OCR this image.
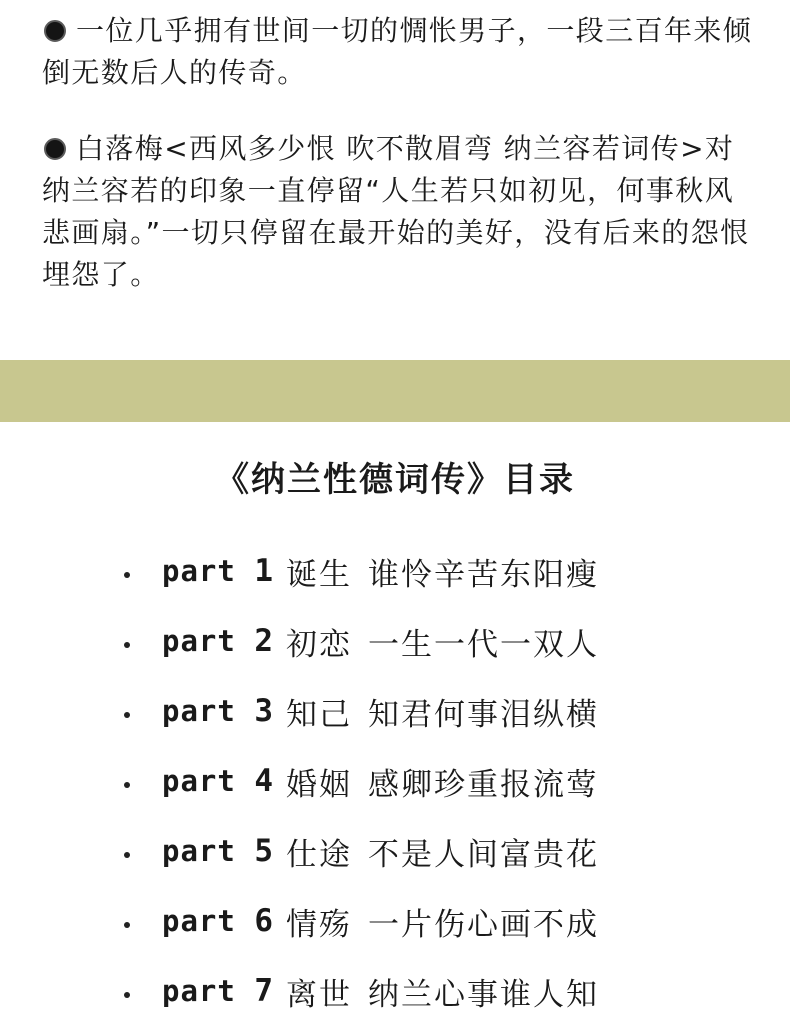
一位几乎拥有世间一切的惆怅男子，一段三百年来倾倒无数后人的传奇。

白落梅<西风多少恨 吹不散眉弯 纳兰容若词传>对纳兰容若的印象一直停留“人生若只如初见，何事秋风悲画扇。”一切只停留在最开始的美好，没有后来的怨恨埋怨了。

《纳兰性德词传》目录
part 1 诞生 谁怜辛苦东阳瘦
part 2 初恋 一生一代一双人
part 3 知己 知君何事泪纵横
part 4 婚姻 感卿珍重报流莺
part 5 仕途 不是人间富贵花
part 6 情殇 一片伤心画不成
part 7 离世 纳兰心事谁人知
